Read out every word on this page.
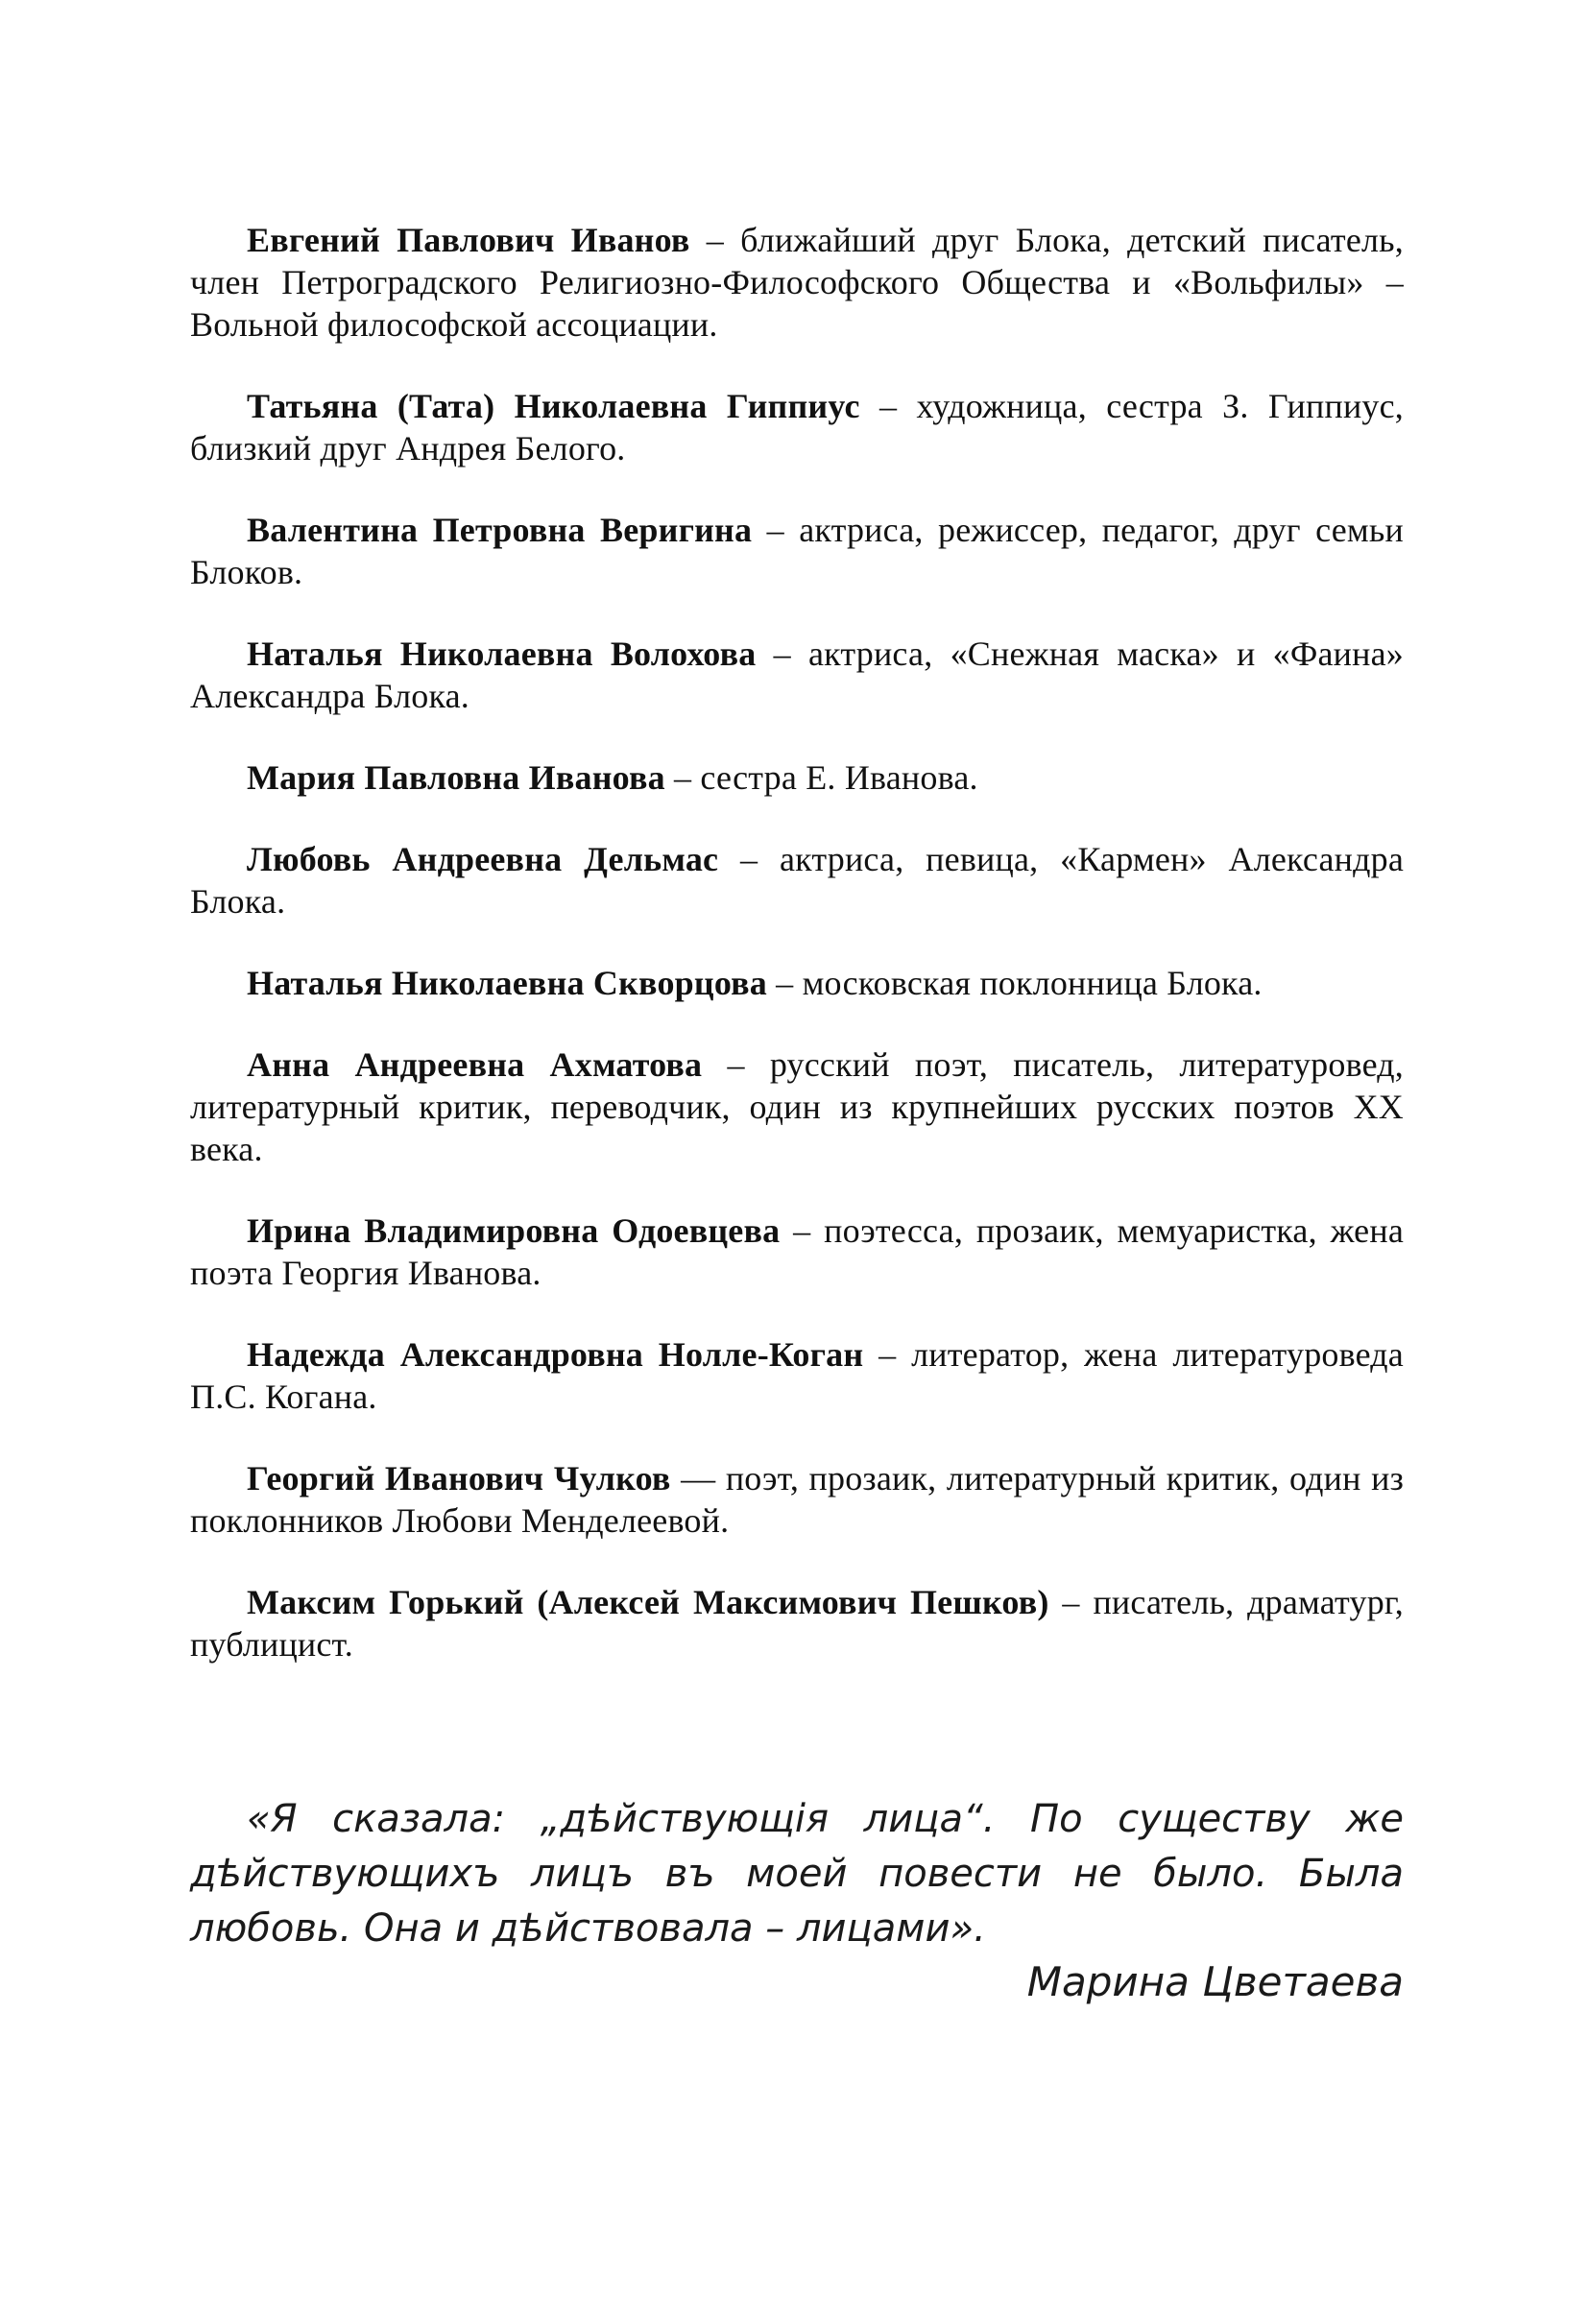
Евгений Павлович Иванов – ближайший друг Блока, детский писатель, член Петроградского Религиозно-Философского Общества и «Вольфилы» – Вольной философской ассоциации.

Татьяна (Тата) Николаевна Гиппиус – художница, сестра З. Гиппиус, близкий друг Андрея Белого.

Валентина Петровна Веригина – актриса, режиссер, педагог, друг семьи Блоков.

Наталья Николаевна Волохова – актриса, «Снежная маска» и «Фаина» Александра Блока.

Мария Павловна Иванова – сестра Е. Иванова.

Любовь Андреевна Дельмас – актриса, певица, «Кармен» Александра Блока.

Наталья Николаевна Скворцова – московская поклонница Блока.

Анна Андреевна Ахматова – русский поэт, писатель, литературовед, литературный критик, переводчик, один из крупнейших русских поэтов XX века.

Ирина Владимировна Одоевцева – поэтесса, прозаик, мемуаристка, жена поэта Георгия Иванова.

Надежда Александровна Нолле-Коган – литератор, жена литературоведа П.С. Когана.

Георгий Иванович Чулков — поэт, прозаик, литературный критик, один из поклонников Любови Менделеевой.

Максим Горький (Алексей Максимович Пешков) – писатель, драматург, публицист.

«Я сказала: „дѣйствующія лица“. По существу же дѣйствующихъ лицъ въ моей повести не было. Была любовь. Она и дѣйствовала – лицами».

Марина Цветаева
